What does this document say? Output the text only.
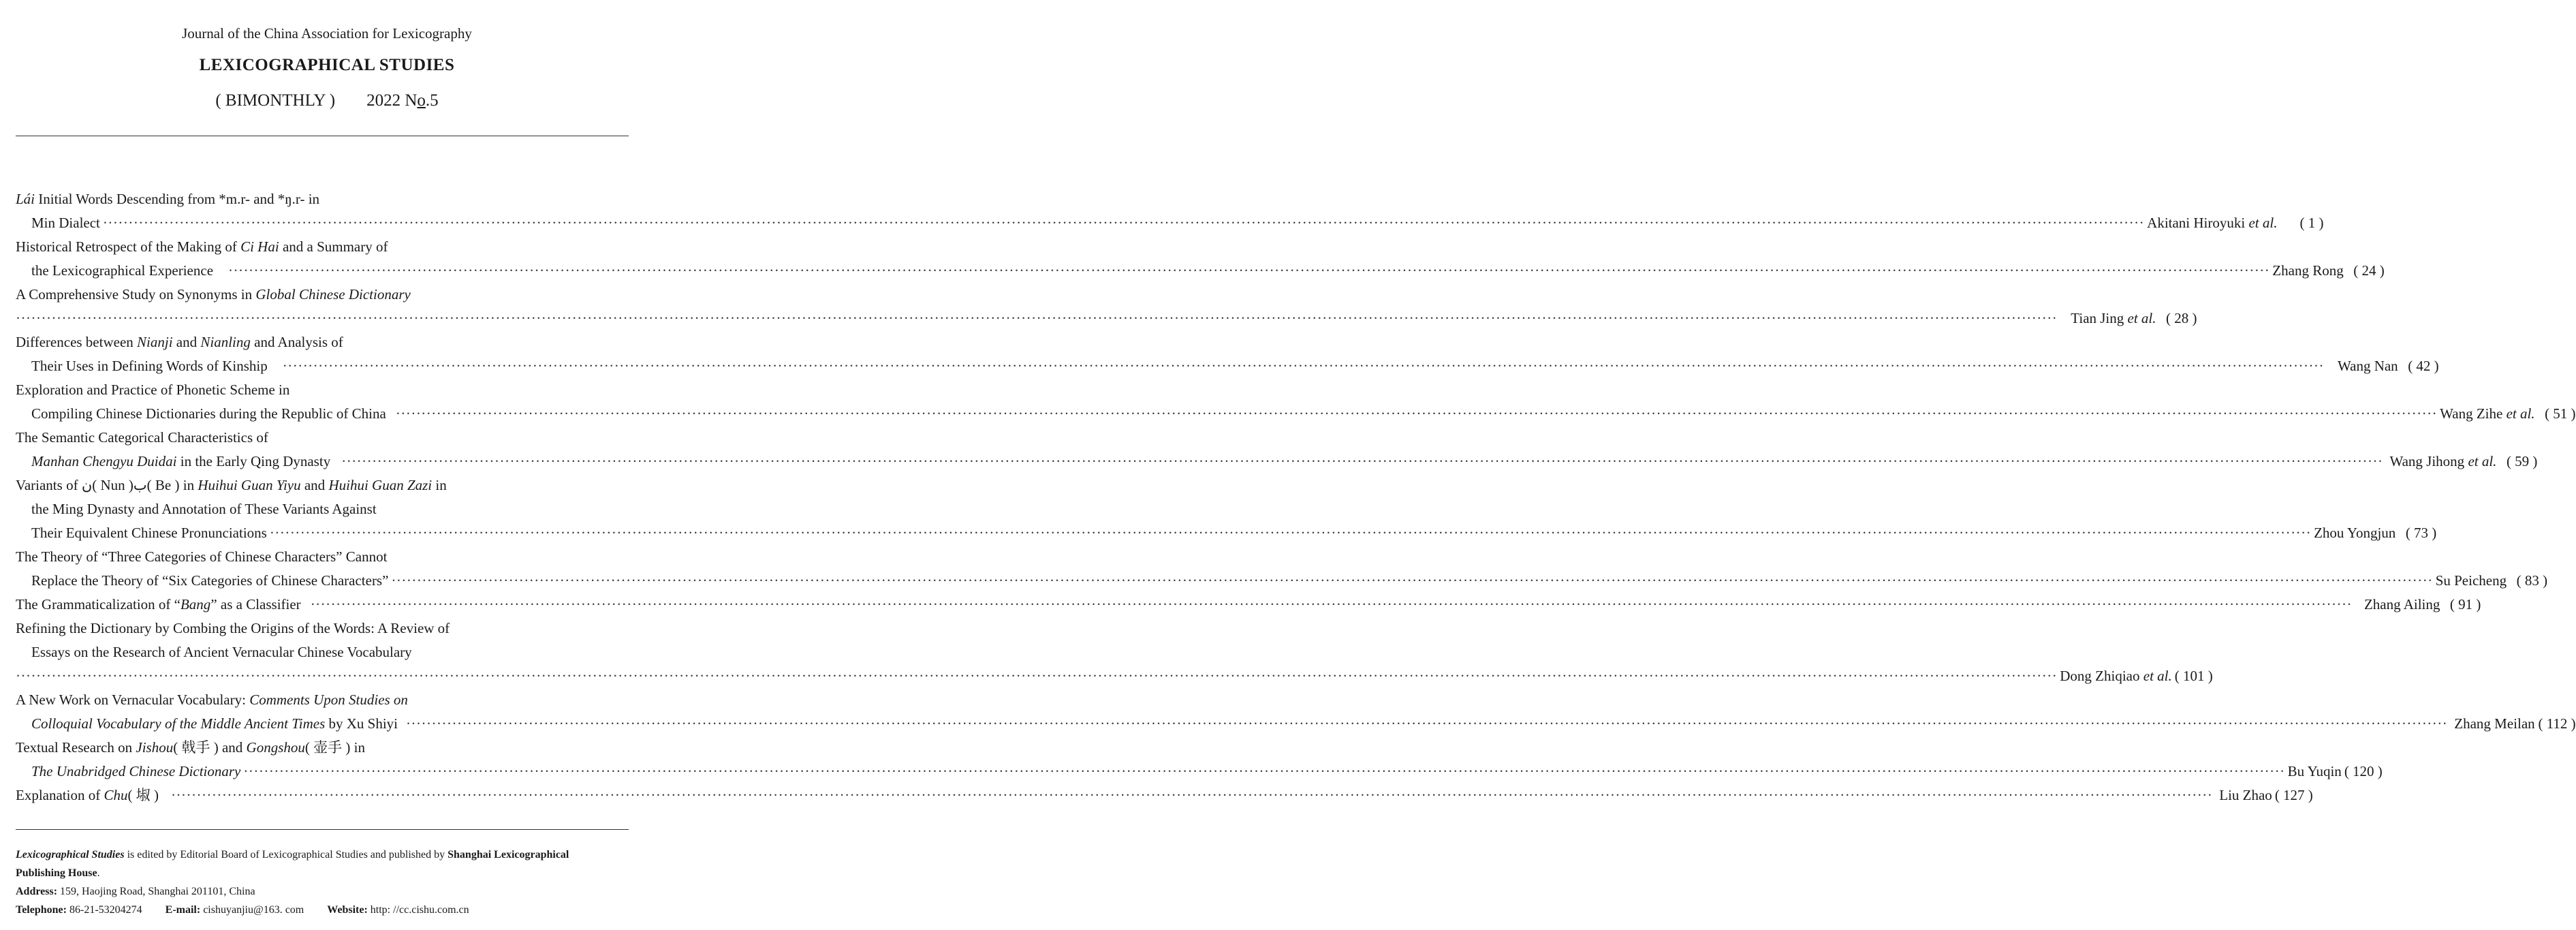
Journal of the China Association for Lexicography
LEXICOGRAPHICAL STUDIES
( BIMONTHLY ) 2022 No.5
Lái Initial Words Descending from *m.r- and *ŋ.r- in
Min Dialect ················································································································································································································································································································································································································ Akitani Hiroyuki et al.	( 1 )
Historical Retrospect of the Making of Ci Hai and a Summary of
the Lexicographical Experience ················································································································································································································································································································································································································ Zhang Rong ( 24 )
A Comprehensive Study on Synonyms in Global Chinese Dictionary
················································································································································································································································································································································································································ Tian Jing et al. ( 28 )
Differences between Nianji and Nianling and Analysis of
Their Uses in Defining Words of Kinship ················································································································································································································································································································································································································ Wang Nan ( 42 )
Exploration and Practice of Phonetic Scheme in
Compiling Chinese Dictionaries during the Republic of China ················································································································································································································································································································································································································ Wang Zihe et al. ( 51 )
The Semantic Categorical Characteristics of
Manhan Chengyu Duidai in the Early Qing Dynasty ················································································································································································································································································································································································································ Wang Jihong et al. ( 59 )
Variants of ن( Nun )ب( Be ) in Huihui Guan Yiyu and Huihui Guan Zazi in
the Ming Dynasty and Annotation of These Variants Against
Their Equivalent Chinese Pronunciations ················································································································································································································································································································································································································ Zhou Yongjun ( 73 )
The Theory of “Three Categories of Chinese Characters” Cannot
Replace the Theory of “Six Categories of Chinese Characters” ················································································································································································································································································································································································································ Su Peicheng ( 83 )
The Grammaticalization of “Bang” as a Classifier ················································································································································································································································································································································································································ Zhang Ailing ( 91 )
Refining the Dictionary by Combing the Origins of the Words: A Review of
Essays on the Research of Ancient Vernacular Chinese Vocabulary
················································································································································································································································································································································································································ Dong Zhiqiao et al. ( 101 )
A New Work on Vernacular Vocabulary: Comments Upon Studies on
Colloquial Vocabulary of the Middle Ancient Times by Xu Shiyi ················································································································································································································································································································································································································ Zhang Meilan ( 112 )
Textual Research on Jishou( 戟手 ) and Gongshou( 壶手 ) in
The Unabridged Chinese Dictionary ················································································································································································································································································································································································································ Bu Yuqin ( 120 )
Explanation of Chu( 埱 ) ················································································································································································································································································································································································································ Liu Zhao ( 127 )
Lexicographical Studies is edited by Editorial Board of Lexicographical Studies and published by Shanghai Lexicographical
Publishing House.
Address: 159, Haojing Road, Shanghai 201101, China
Telephone: 86-21-53204274 E-mail: cishuyanjiu@163. com Website: http: //cc.cishu.com.cn
